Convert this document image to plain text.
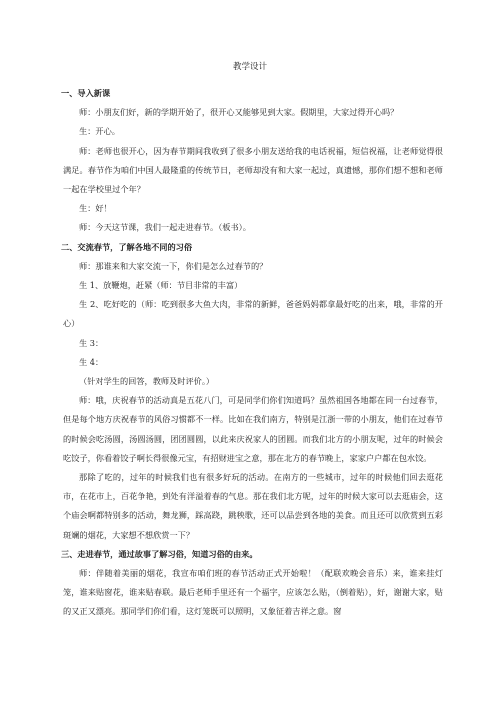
教学设计
一、导入新课
师：小朋友们好，新的学期开始了，很开心又能够见到大家。假期里，大家过得开心吗？
生：开心。
师：老师也很开心，因为春节期间我收到了很多小朋友送给我的电话祝福，短信祝福，让老师觉得很满足。春节作为咱们中国人最隆重的传统节日，老师却没有和大家一起过，真遗憾，那你们想不想和老师一起在学校里过个年？
生：好！
师：今天这节课，我们一起走进春节。（板书）。
二、交流春节，了解各地不同的习俗
师：那谁来和大家交流一下，你们是怎么过春节的？
生 1、放鞭炮，赶紧（师：节目非常的丰富）
生 2、吃好吃的（师：吃到很多大鱼大肉，非常的新鲜，爸爸妈妈都拿最好吃的出来，哦，非常的开心）
生 3：
生 4：
（针对学生的回答，教师及时评价。）
师：哦，庆祝春节的活动真是五花八门，可是同学们你们知道吗？虽然祖国各地都在同一台过春节，但是每个地方庆祝春节的风俗习惯都不一样。比如在我们南方，特别是江浙一带的小朋友，他们在过春节的时候会吃汤圆，汤圆汤圆，团团圆圆，以此来庆祝家人的团圆。而我们北方的小朋友呢，过年的时候会吃饺子，你看着饺子啊长得很像元宝，有招财进宝之意，那在北方的春节晚上，家家户户都在包水饺。
那除了吃的，过年的时候我们也有很多好玩的活动。在南方的一些城市，过年的时候他们回去逛花市，在花市上，百花争艳，到处有洋溢着春的气息。那在我们北方呢，过年的时候大家可以去逛庙会，这个庙会啊都特别多的活动，舞龙狮，踩高跷，跳秧歌，还可以品尝到各地的美食。而且还可以欣赏到五彩斑斓的烟花，大家想不想欣赏一下？
三、走进春节，通过故事了解习俗，知道习俗的由来。
师：伴随着美丽的烟花，我宣布咱们班的春节活动正式开始啦！（配联欢晚会音乐）来，谁来挂灯笼，谁来贴窗花，谁来贴春联。最后老师手里还有一个福字，应该怎么贴，（倒着贴），好，谢谢大家，贴的又正又漂亮。那同学们你们看，这灯笼既可以照明，又象征着吉祥之意。窗
